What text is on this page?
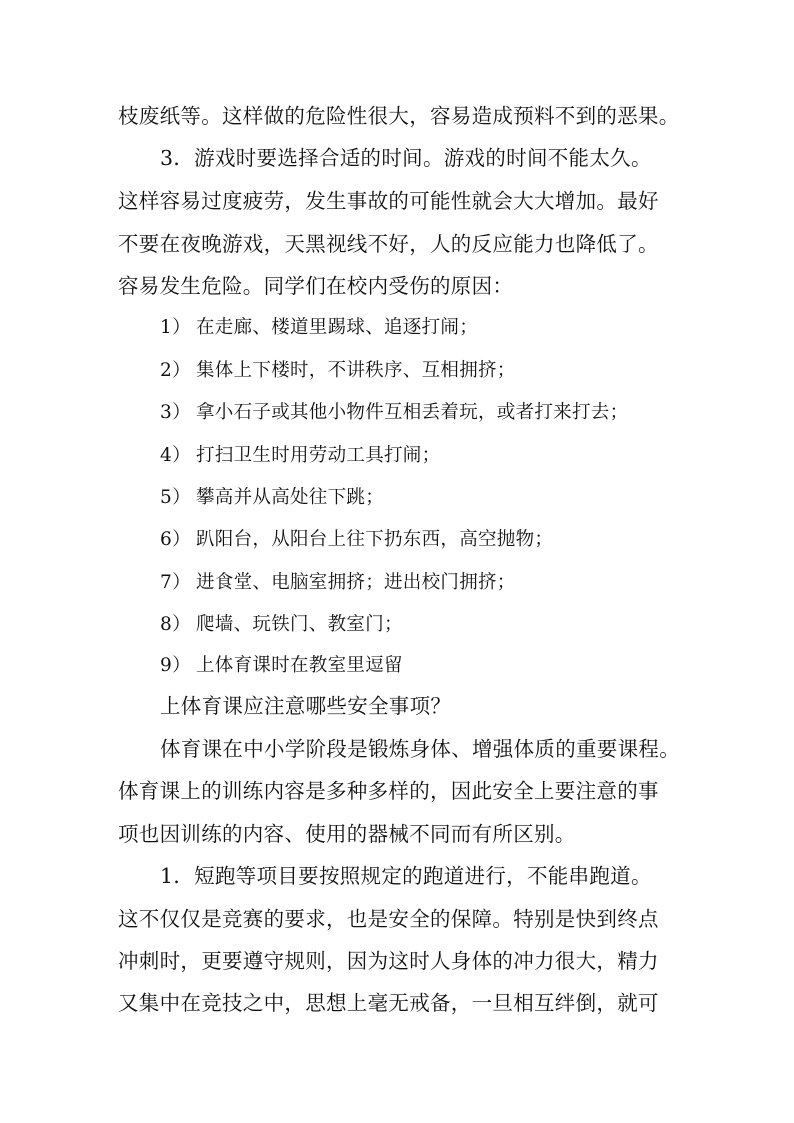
枝废纸等。这样做的危险性很大，容易造成预料不到的恶果。
3．游戏时要选择合适的时间。游戏的时间不能太久。
这样容易过度疲劳，发生事故的可能性就会大大增加。最好
不要在夜晚游戏，天黑视线不好，人的反应能力也降低了。
容易发生危险。同学们在校内受伤的原因：
1） 在走廊、楼道里踢球、追逐打闹；
2） 集体上下楼时，不讲秩序、互相拥挤；
3） 拿小石子或其他小物件互相丢着玩，或者打来打去；
4） 打扫卫生时用劳动工具打闹；
5） 攀高并从高处往下跳；
6） 趴阳台，从阳台上往下扔东西，高空抛物；
7） 进食堂、电脑室拥挤；进出校门拥挤；
8） 爬墙、玩铁门、教室门；
9） 上体育课时在教室里逗留
上体育课应注意哪些安全事项？
体育课在中小学阶段是锻炼身体、增强体质的重要课程。
体育课上的训练内容是多种多样的，因此安全上要注意的事
项也因训练的内容、使用的器械不同而有所区别。
1．短跑等项目要按照规定的跑道进行，不能串跑道。
这不仅仅是竞赛的要求，也是安全的保障。特别是快到终点
冲刺时，更要遵守规则，因为这时人身体的冲力很大，精力
又集中在竞技之中，思想上毫无戒备，一旦相互绊倒，就可
